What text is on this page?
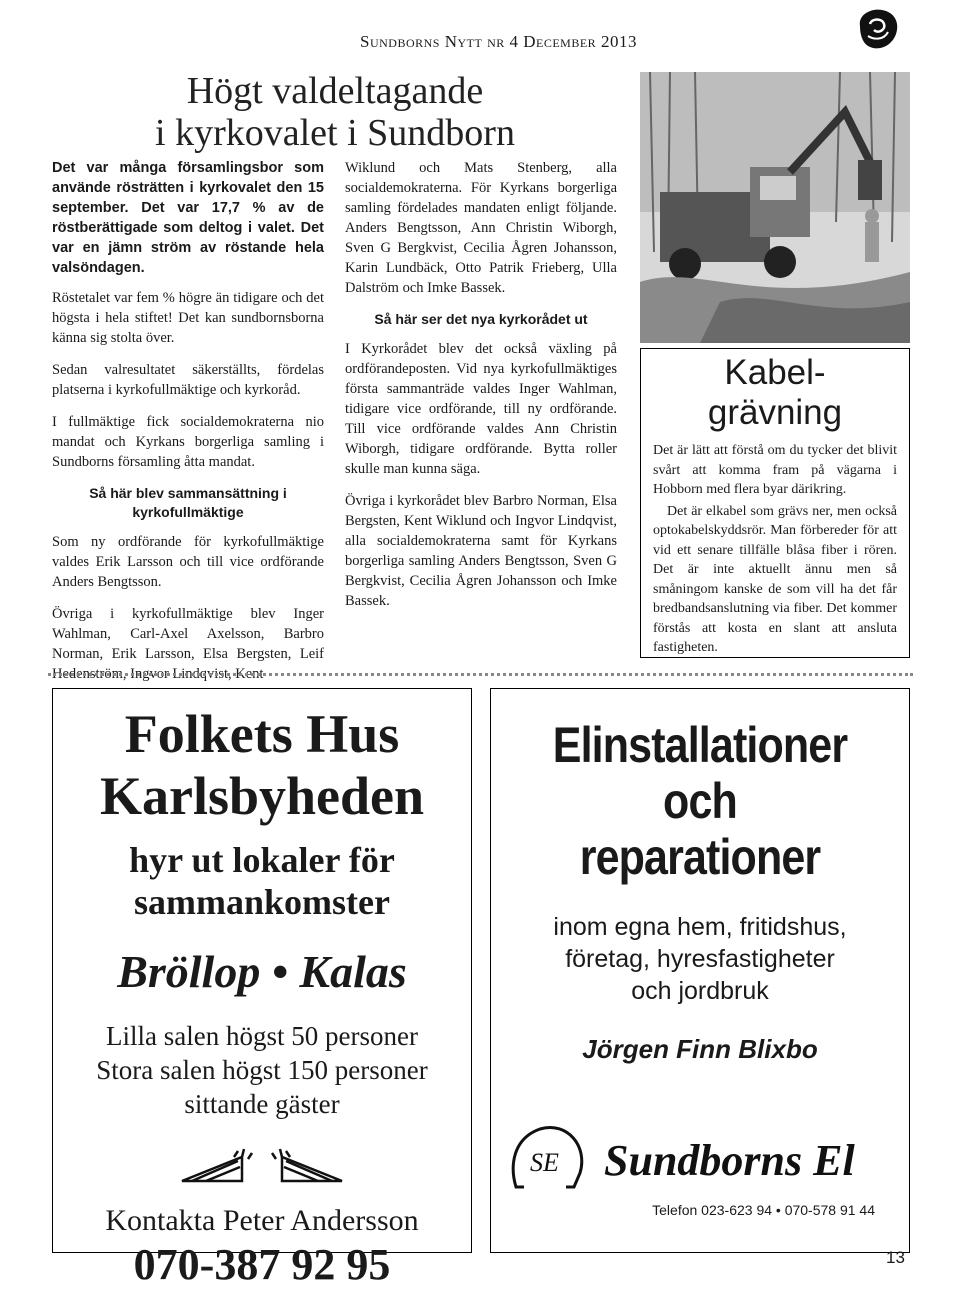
Sundborns Nytt nr 4 December 2013
Högt valdeltagande
i kyrkovalet i Sundborn

Det var många församlingsbor som använde rösträtten i kyrkovalet den 15 september. Det var 17,7 % av de röstberättigade som deltog i valet. Det var en jämn ström av röstande hela valsöndagen.

Röstetalet var fem % högre än tidigare och det högsta i hela stiftet! Det kan sundbornsborna känna sig stolta över.

Sedan valresultatet säkerställts, fördelas platserna i kyrkofullmäktige och kyrkoråd.

I fullmäktige fick socialdemokraterna nio mandat och Kyrkans borgerliga samling i Sundborns församling åtta mandat.

Så här blev sammansättning i kyrkofullmäktige

Som ny ordförande för kyrkofullmäktige valdes Erik Larsson och till vice ordförande Anders Bengtsson.

Övriga i kyrkofullmäktige blev Inger Wahlman, Carl-Axel Axelsson, Barbro Norman, Erik Larsson, Elsa Bergsten, Leif Hedenström, Ingvor Lindqvist, Kent

Wiklund och Mats Stenberg, alla socialdemokraterna. För Kyrkans borgerliga samling fördelades mandaten enligt följande. Anders Bengtsson, Ann Christin Wiborgh, Sven G Bergkvist, Cecilia Ågren Johansson, Karin Lundbäck, Otto Patrik Frieberg, Ulla Dalström och Imke Bassek.

Så här ser det nya kyrkorådet ut

I Kyrkorådet blev det också växling på ordförandeposten. Vid nya kyrkofullmäktiges första sammanträde valdes Inger Wahlman, tidigare vice ordförande, till ny ordförande. Till vice ordförande valdes Ann Christin Wiborgh, tidigare ordförande. Bytta roller skulle man kunna säga.

Övriga i kyrkorådet blev Barbro Norman, Elsa Bergsten, Kent Wiklund och Ingvor Lindqvist, alla socialdemokraterna samt för Kyrkans borgerliga samling Anders Bengtsson, Sven G Bergkvist, Cecilia Ågren Johansson och Imke Bassek.

Kabel-
grävning

Det är lätt att förstå om du tycker det blivit svårt att komma fram på vägarna i Hobborn med flera byar därikring.

Det är elkabel som grävs ner, men också optokabelskyddsrör. Man förbereder för att vid ett senare tillfälle blåsa fiber i rören. Det är inte aktuellt ännu men så småningom kanske de som vill ha det får bredbandsanslutning via fiber. Det kommer förstås att kosta en slant att ansluta fastigheten.

Folkets Hus
Karlsbyheden
hyr ut lokaler för
sammankomster
Bröllop • Kalas
Lilla salen högst 50 personer
Stora salen högst 150 personer
sittande gäster
Kontakta Peter Andersson
070-387 92 95
Elinstallationer
och
reparationer
inom egna hem, fritidshus,
företag, hyresfastigheter
och jordbruk
Jörgen Finn Blixbo
SE Sundborns El
Telefon 023-623 94 • 070-578 91 44
13
